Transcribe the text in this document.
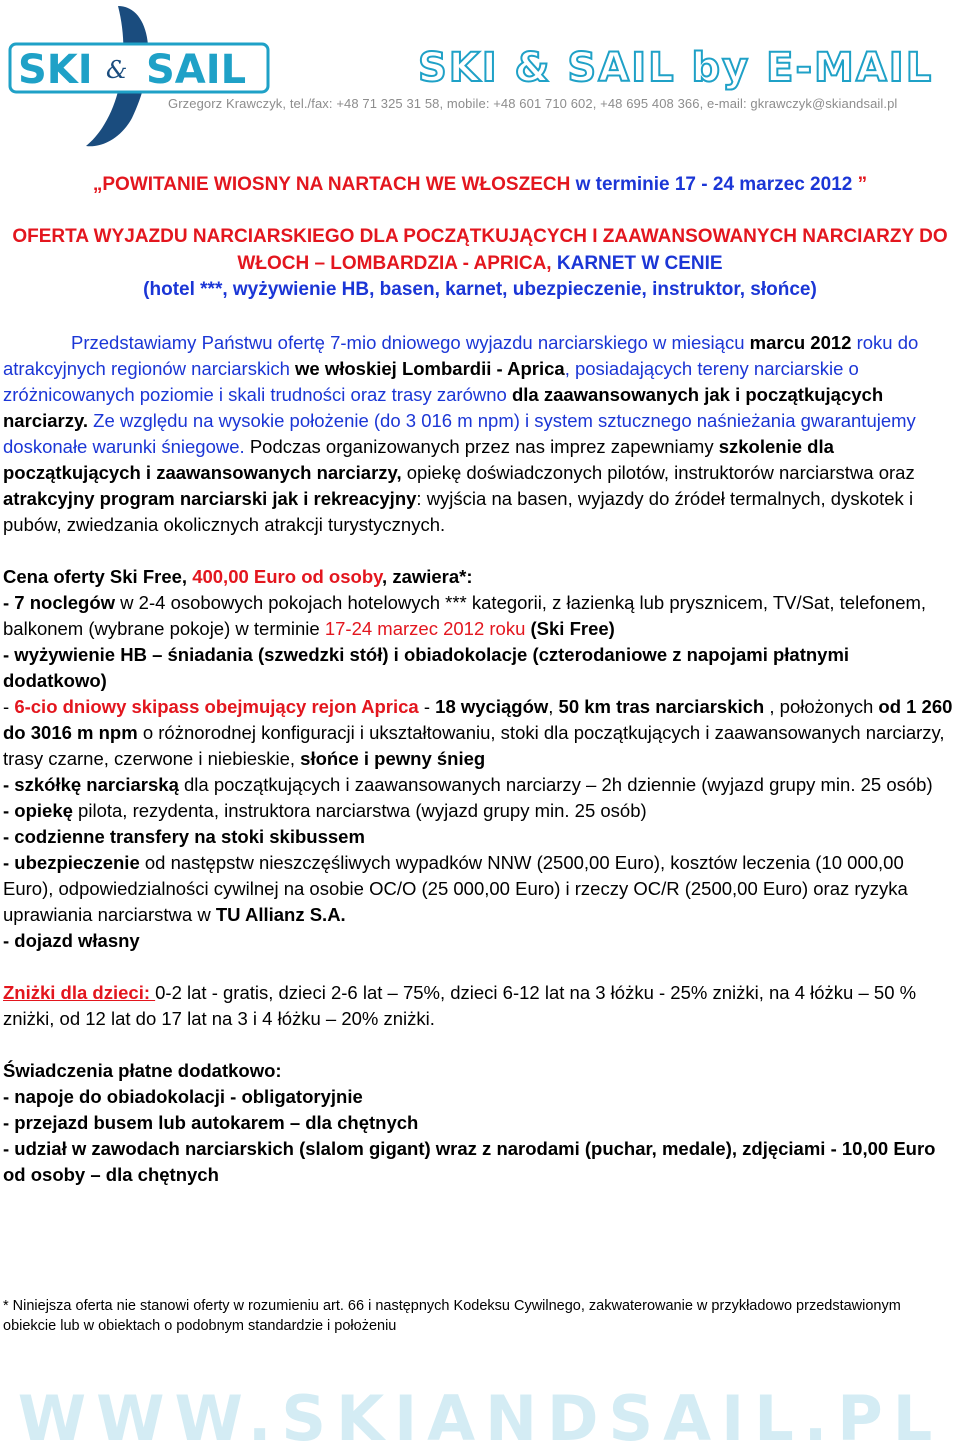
SKI & SAIL	SKI & SAIL by E-MAIL
Grzegorz Krawczyk, tel./fax: +48 71 325 31 58, mobile: +48 601 710 602, +48 695 408 366, e-mail: gkrawczyk@skiandsail.pl

„POWITANIE WIOSNY NA NARTACH WE WŁOSZECH w terminie 17 - 24 marzec 2012 ”

OFERTA WYJAZDU NARCIARSKIEGO DLA POCZĄTKUJĄCYCH I ZAAWANSOWANYCH NARCIARZY DO WŁOCH – LOMBARDZIA - APRICA, KARNET W CENIE
(hotel ***, wyżywienie HB, basen, karnet, ubezpieczenie, instruktor, słońce)

Przedstawiamy Państwu ofertę 7-mio dniowego wyjazdu narciarskiego w miesiącu marcu 2012 roku do atrakcyjnych regionów narciarskich we włoskiej Lombardii - Aprica, posiadających tereny narciarskie o zróżnicowanych poziomie i skali trudności oraz trasy zarówno dla zaawansowanych jak i początkujących narciarzy. Ze względu na wysokie położenie (do 3 016 m npm) i system sztucznego naśnieżania gwarantujemy doskonałe warunki śniegowe. Podczas organizowanych przez nas imprez zapewniamy szkolenie dla początkujących i zaawansowanych narciarzy, opiekę doświadczonych pilotów, instruktorów narciarstwa oraz atrakcyjny program narciarski jak i rekreacyjny: wyjścia na basen, wyjazdy do źródeł termalnych, dyskotek i pubów, zwiedzania okolicznych atrakcji turystycznych.

Cena oferty Ski Free, 400,00 Euro od osoby, zawiera*:

- 7 noclegów w 2-4 osobowych pokojach hotelowych *** kategorii, z łazienką lub prysznicem, TV/Sat, telefonem, balkonem (wybrane pokoje) w terminie 17-24 marzec 2012 roku (Ski Free)

- wyżywienie HB – śniadania (szwedzki stół) i obiadokolacje (czterodaniowe z napojami płatnymi dodatkowo)

- 6-cio dniowy skipass obejmujący rejon Aprica - 18 wyciągów, 50 km tras narciarskich , położonych od 1 260 do 3016 m npm o różnorodnej konfiguracji i ukształtowaniu, stoki dla początkujących i zaawansowanych narciarzy, trasy czarne, czerwone i niebieskie, słońce i pewny śnieg

- szkółkę narciarską dla początkujących i zaawansowanych narciarzy – 2h dziennie (wyjazd grupy min. 25 osób)

- opiekę pilota, rezydenta, instruktora narciarstwa (wyjazd grupy min. 25 osób)

- codzienne transfery na stoki skibussem

- ubezpieczenie od następstw nieszczęśliwych wypadków NNW (2500,00 Euro), kosztów leczenia (10 000,00 Euro), odpowiedzialności cywilnej na osobie OC/O (25 000,00 Euro) i rzeczy OC/R (2500,00 Euro) oraz ryzyka uprawiania narciarstwa w TU Allianz S.A.

- dojazd własny

Zniżki dla dzieci: 0-2 lat - gratis, dzieci 2-6 lat – 75%, dzieci 6-12 lat na 3 łóżku - 25% zniżki, na 4 łóżku – 50 % zniżki, od 12 lat do 17 lat na 3 i 4 łóżku – 20% zniżki.

Świadczenia płatne dodatkowo:

- napoje do obiadokolacji - obligatoryjnie

- przejazd busem lub autokarem – dla chętnych

- udział w zawodach narciarskich (slalom gigant) wraz z narodami (puchar, medale), zdjęciami - 10,00 Euro od osoby – dla chętnych

* Niniejsza oferta nie stanowi oferty w rozumieniu art. 66 i następnych Kodeksu Cywilnego, zakwaterowanie w przykładowo przedstawionym obiekcie lub w obiektach o podobnym standardzie i położeniu
WWW.SKIANDSAIL.PL
